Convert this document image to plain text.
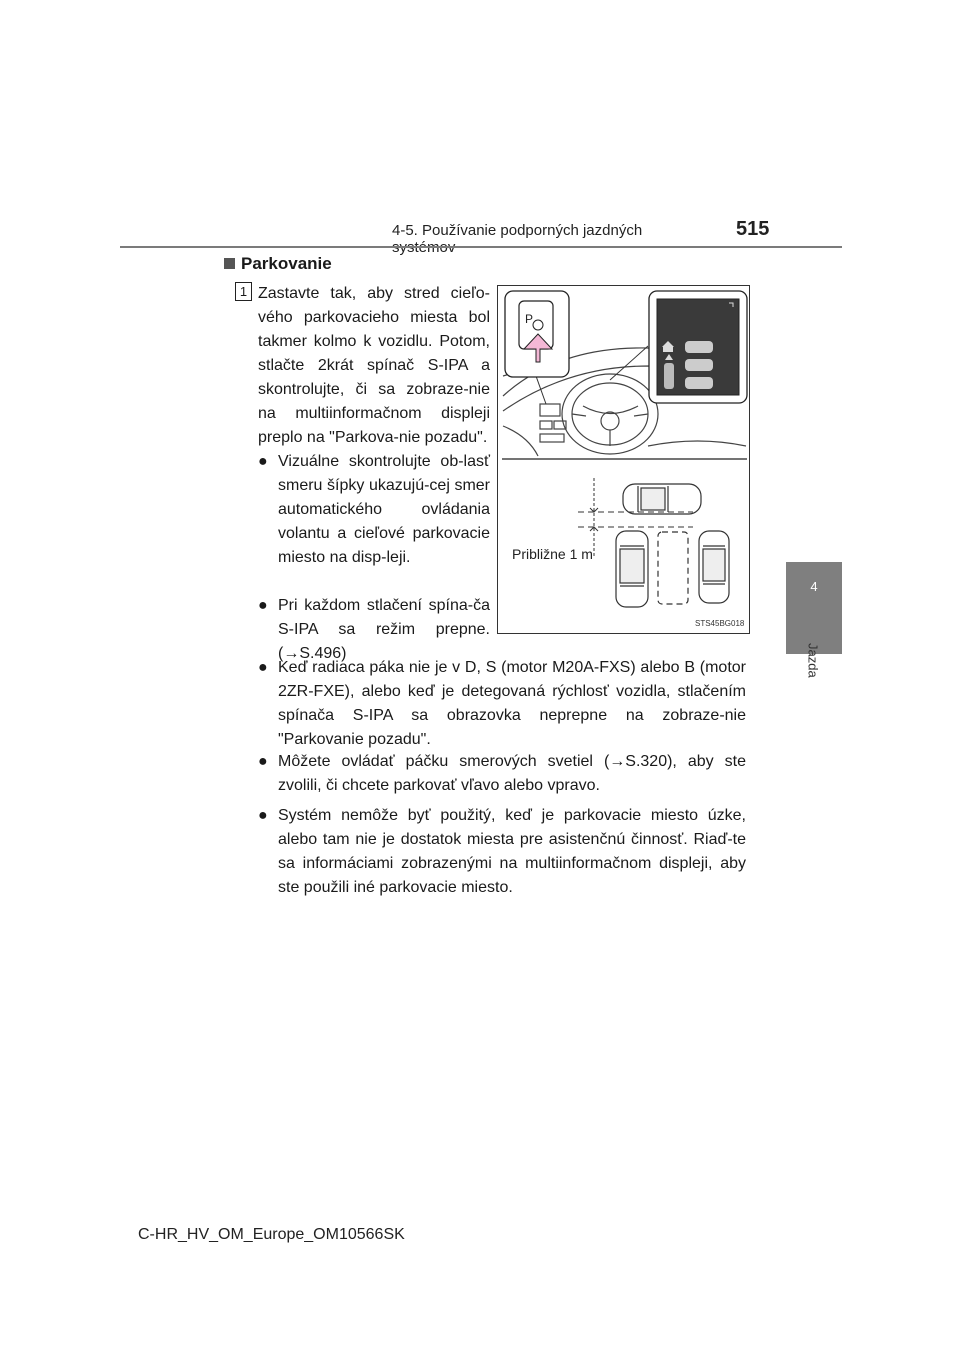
4-5. Používanie podporných jazdných	515
4
Jazda
Parkovanie
1 Zastavte tak, aby stred cieľo-vého parkovacieho miesta bol takmer kolmo k vozidlu. Potom, stlačte 2krát spínač S-IPA a skontrolujte, či sa zobraze-nie na multiinformačnom displeji preplo na "Parkova-nie pozadu".
● Vizuálne skontrolujte ob-lasť smeru šípky ukazujú-cej smer automatického ovládania volantu a cieľové parkovacie miesto na disp-leji.
● Pri každom stlačení spína-ča S-IPA sa režim prepne. (→S.496)
● Keď radiaca páka nie je v D, S (motor M20A-FXS) alebo B (motor 2ZR-FXE), alebo keď je detegovaná rýchlosť vozidla, stlačením spínača S-IPA sa obrazovka neprepne na zobraze-nie "Parkovanie pozadu".
● Môžete ovládať páčku smerových svetiel (→S.320), aby ste zvolili, či chcete parkovať vľavo alebo vpravo.
● Systém nemôže byť použitý, keď je parkovacie miesto úzke, alebo tam nie je dostatok miesta pre asistenčnú činnosť. Riaď-te sa informáciami zobrazenými na multiinformačnom displeji, aby ste použili iné parkovacie miesto.
P
Približne 1 m
STS45BG018
C-HR_HV_OM_Europe_OM10566SK
